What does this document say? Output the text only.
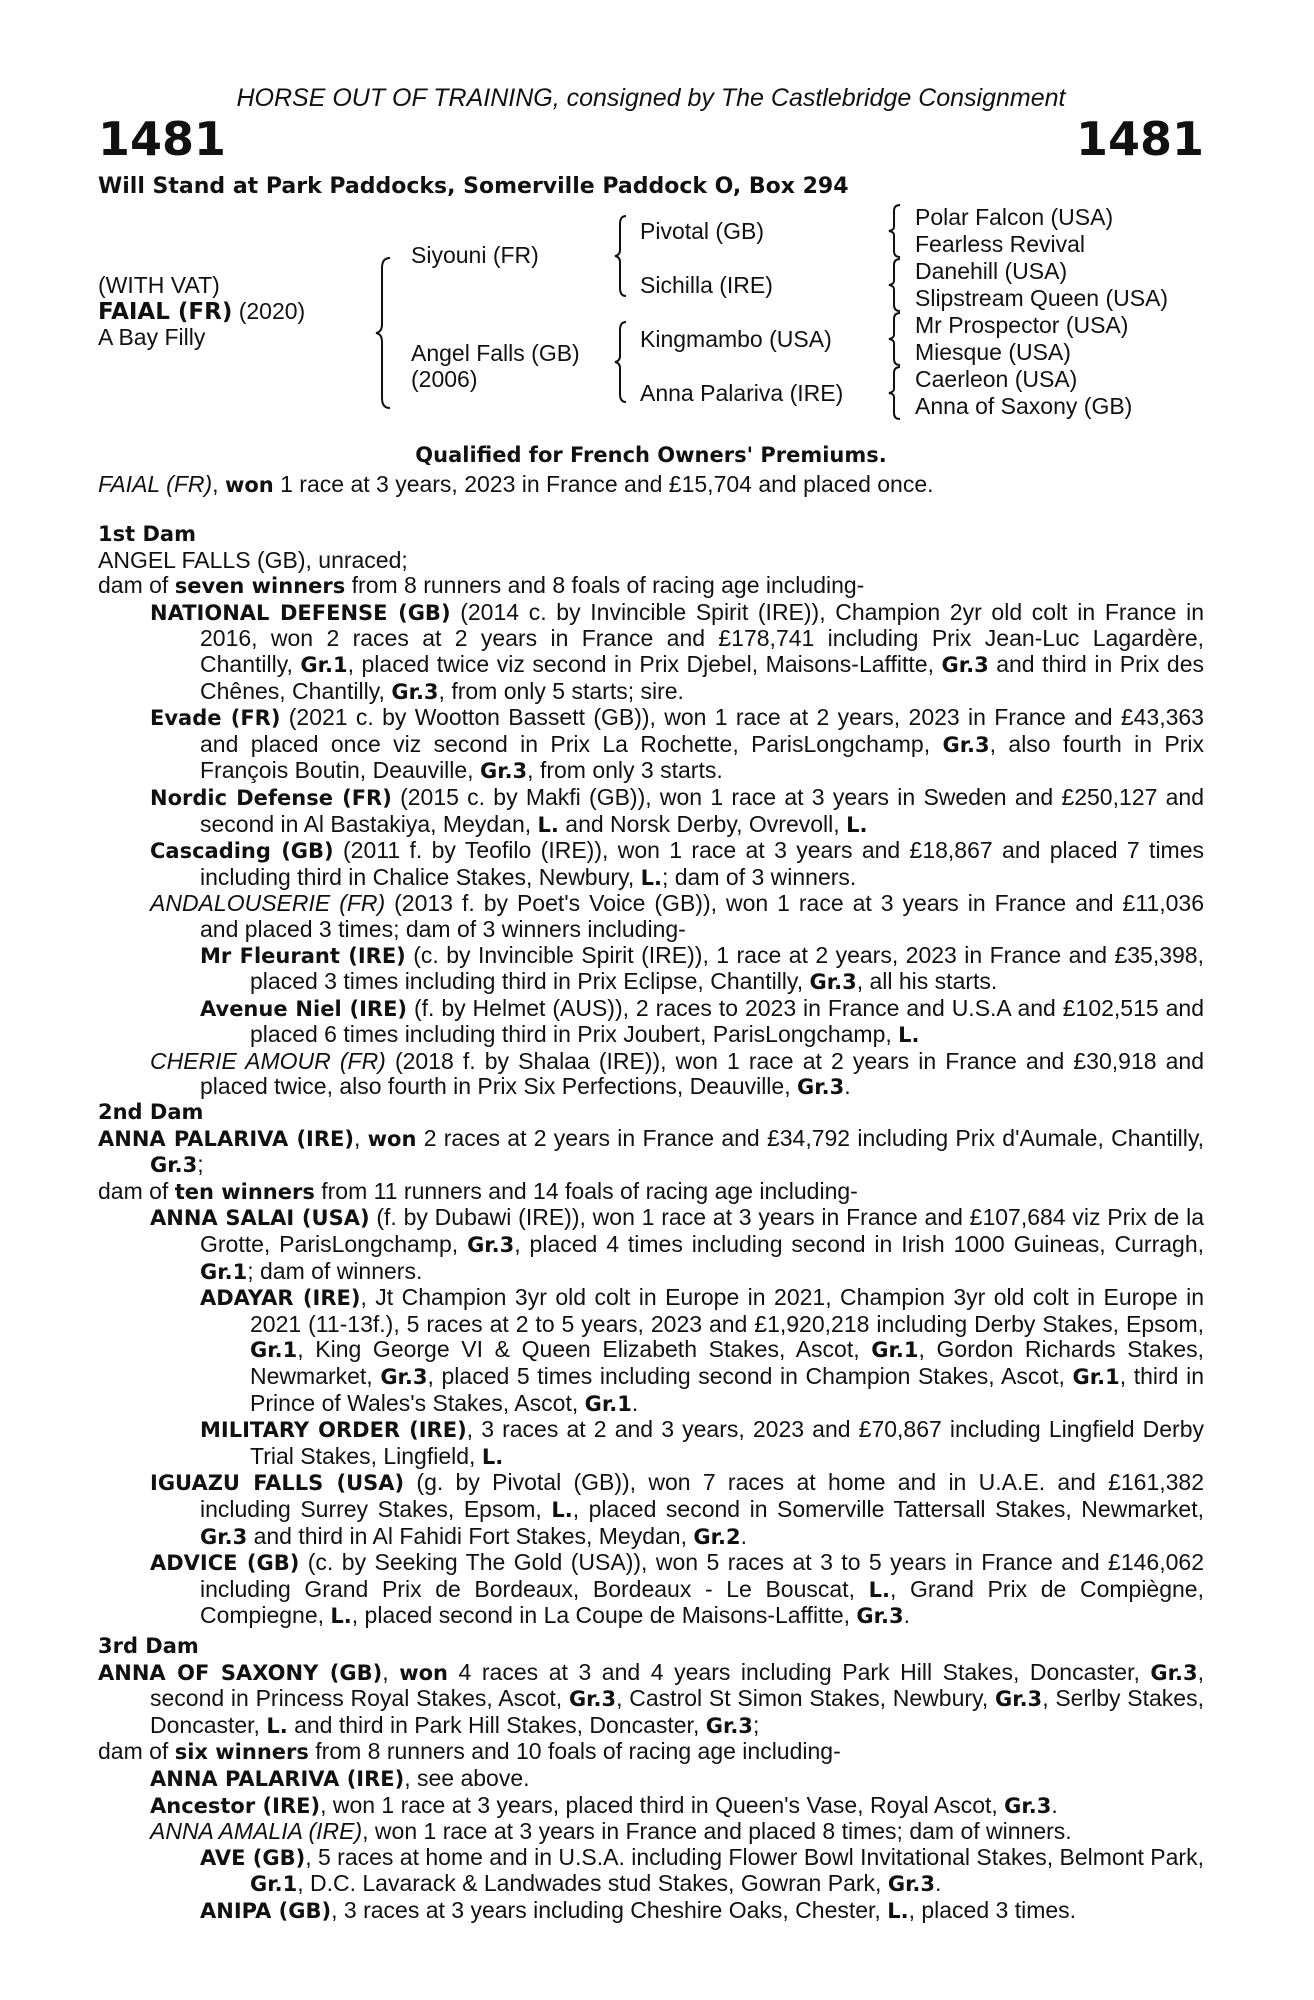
HORSE OUT OF TRAINING, consigned by The Castlebridge Consignment
1481	1481
Will Stand at Park Paddocks, Somerville Paddock O, Box 294
(WITH VAT)
FAIAL (FR) (2020)
A Bay Filly
Siyouni (FR)
Angel Falls (GB)
(2006)
Pivotal (GB)
Sichilla (IRE)
Kingmambo (USA)
Anna Palariva (IRE)
Polar Falcon (USA)
Fearless Revival
Danehill (USA)
Slipstream Queen (USA)
Mr Prospector (USA)
Miesque (USA)
Caerleon (USA)
Anna of Saxony (GB)
Qualified for French Owners' Premiums.
FAIAL (FR), won 1 race at 3 years, 2023 in France and £15,704 and placed once.
1st Dam
ANGEL FALLS (GB), unraced;
dam of seven winners from 8 runners and 8 foals of racing age including-
NATIONAL DEFENSE (GB) (2014 c. by Invincible Spirit (IRE)), Champion 2yr old colt in France in 2016, won 2 races at 2 years in France and £178,741 including Prix Jean-Luc Lagardère, Chantilly, Gr.1, placed twice viz second in Prix Djebel, Maisons-Laffitte, Gr.3 and third in Prix des Chênes, Chantilly, Gr.3, from only 5 starts; sire.
Evade (FR) (2021 c. by Wootton Bassett (GB)), won 1 race at 2 years, 2023 in France and £43,363 and placed once viz second in Prix La Rochette, ParisLongchamp, Gr.3, also fourth in Prix François Boutin, Deauville, Gr.3, from only 3 starts.
Nordic Defense (FR) (2015 c. by Makfi (GB)), won 1 race at 3 years in Sweden and £250,127 and second in Al Bastakiya, Meydan, L. and Norsk Derby, Ovrevoll, L.
Cascading (GB) (2011 f. by Teofilo (IRE)), won 1 race at 3 years and £18,867 and placed 7 times including third in Chalice Stakes, Newbury, L.; dam of 3 winners.
ANDALOUSERIE (FR) (2013 f. by Poet's Voice (GB)), won 1 race at 3 years in France and £11,036 and placed 3 times; dam of 3 winners including-
Mr Fleurant (IRE) (c. by Invincible Spirit (IRE)), 1 race at 2 years, 2023 in France and £35,398, placed 3 times including third in Prix Eclipse, Chantilly, Gr.3, all his starts.
Avenue Niel (IRE) (f. by Helmet (AUS)), 2 races to 2023 in France and U.S.A and £102,515 and placed 6 times including third in Prix Joubert, ParisLongchamp, L.
CHERIE AMOUR (FR) (2018 f. by Shalaa (IRE)), won 1 race at 2 years in France and £30,918 and placed twice, also fourth in Prix Six Perfections, Deauville, Gr.3.
2nd Dam
ANNA PALARIVA (IRE), won 2 races at 2 years in France and £34,792 including Prix d'Aumale, Chantilly, Gr.3;
dam of ten winners from 11 runners and 14 foals of racing age including-
ANNA SALAI (USA) (f. by Dubawi (IRE)), won 1 race at 3 years in France and £107,684 viz Prix de la Grotte, ParisLongchamp, Gr.3, placed 4 times including second in Irish 1000 Guineas, Curragh, Gr.1; dam of winners.
ADAYAR (IRE), Jt Champion 3yr old colt in Europe in 2021, Champion 3yr old colt in Europe in 2021 (11-13f.), 5 races at 2 to 5 years, 2023 and £1,920,218 including Derby Stakes, Epsom, Gr.1, King George VI & Queen Elizabeth Stakes, Ascot, Gr.1, Gordon Richards Stakes, Newmarket, Gr.3, placed 5 times including second in Champion Stakes, Ascot, Gr.1, third in Prince of Wales's Stakes, Ascot, Gr.1.
MILITARY ORDER (IRE), 3 races at 2 and 3 years, 2023 and £70,867 including Lingfield Derby Trial Stakes, Lingfield, L.
IGUAZU FALLS (USA) (g. by Pivotal (GB)), won 7 races at home and in U.A.E. and £161,382 including Surrey Stakes, Epsom, L., placed second in Somerville Tattersall Stakes, Newmarket, Gr.3 and third in Al Fahidi Fort Stakes, Meydan, Gr.2.
ADVICE (GB) (c. by Seeking The Gold (USA)), won 5 races at 3 to 5 years in France and £146,062 including Grand Prix de Bordeaux, Bordeaux - Le Bouscat, L., Grand Prix de Compiègne, Compiegne, L., placed second in La Coupe de Maisons-Laffitte, Gr.3.
3rd Dam
ANNA OF SAXONY (GB), won 4 races at 3 and 4 years including Park Hill Stakes, Doncaster, Gr.3, second in Princess Royal Stakes, Ascot, Gr.3, Castrol St Simon Stakes, Newbury, Gr.3, Serlby Stakes, Doncaster, L. and third in Park Hill Stakes, Doncaster, Gr.3;
dam of six winners from 8 runners and 10 foals of racing age including-
ANNA PALARIVA (IRE), see above.
Ancestor (IRE), won 1 race at 3 years, placed third in Queen's Vase, Royal Ascot, Gr.3.
ANNA AMALIA (IRE), won 1 race at 3 years in France and placed 8 times; dam of winners.
AVE (GB), 5 races at home and in U.S.A. including Flower Bowl Invitational Stakes, Belmont Park, Gr.1, D.C. Lavarack & Landwades stud Stakes, Gowran Park, Gr.3.
ANIPA (GB), 3 races at 3 years including Cheshire Oaks, Chester, L., placed 3 times.
